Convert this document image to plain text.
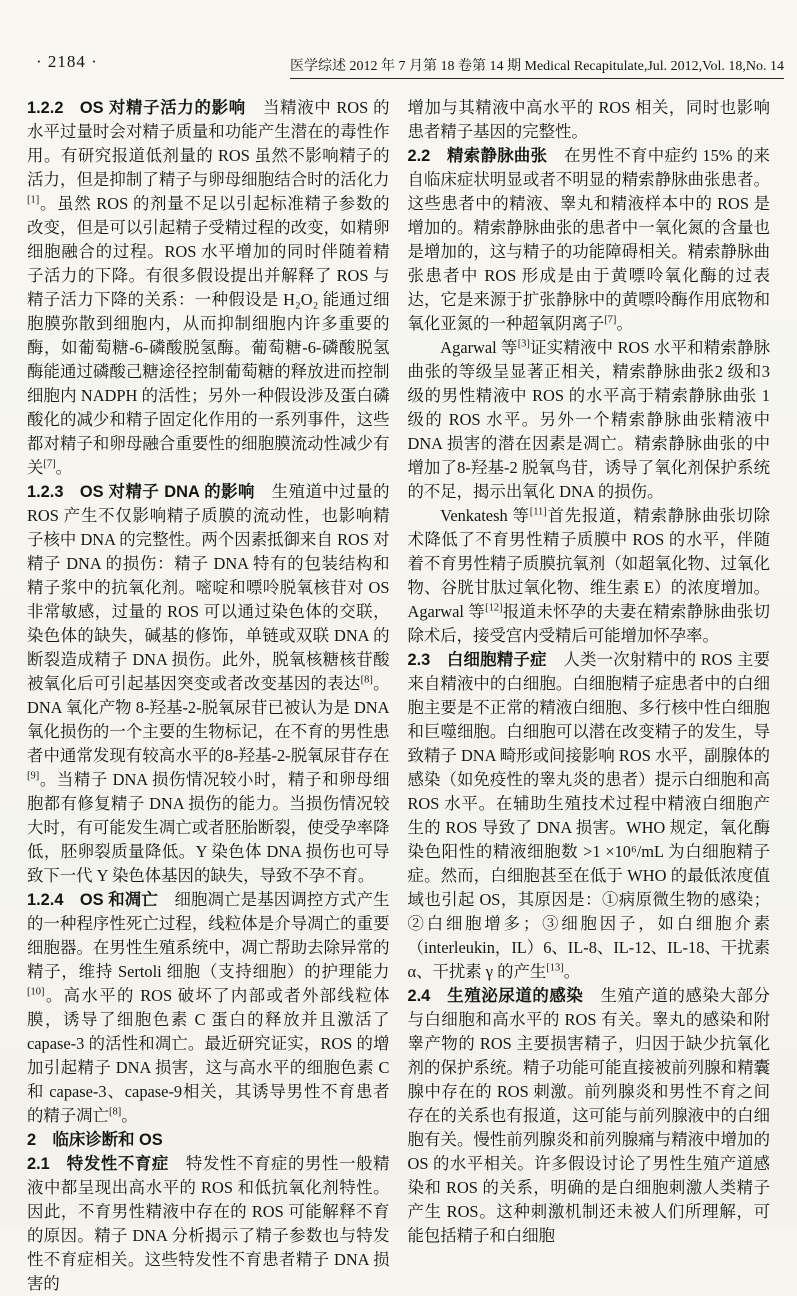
· 2184 ·	医学综述 2012 年 7 月第 18 卷第 14 期 Medical Recapitulate,Jul. 2012,Vol. 18,No. 14

1.2.2  OS 对精子活力的影响  当精液中 ROS 的水平过量时会对精子质量和功能产生潜在的毒性作用。有研究报道低剂量的 ROS 虽然不影响精子的活力，但是抑制了精子与卵母细胞结合时的活化力[1]。虽然 ROS 的剂量不足以引起标准精子参数的改变，但是可以引起精子受精过程的改变，如精卵细胞融合的过程。ROS 水平增加的同时伴随着精子活力的下降。有很多假设提出并解释了 ROS 与精子活力下降的关系：一种假设是 H₂O₂ 能通过细胞膜弥散到细胞内，从而抑制细胞内许多重要的酶，如葡萄糖-6-磷酸脱氢酶。葡萄糖-6-磷酸脱氢酶能通过磷酸己糖途径控制葡萄糖的释放进而控制细胞内 NADPH 的活性；另外一种假设涉及蛋白磷酸化的减少和精子固定化作用的一系列事件，这些都对精子和卵母融合重要性的细胞膜流动性减少有关[7]。

1.2.3  OS 对精子 DNA 的影响  生殖道中过量的 ROS 产生不仅影响精子质膜的流动性，也影响精子核中 DNA 的完整性。两个因素抵御来自 ROS 对精子 DNA 的损伤：精子 DNA 特有的包装结构和精子浆中的抗氧化剂。嘧啶和嘌呤脱氧核苷对 OS 非常敏感，过量的 ROS 可以通过染色体的交联，染色体的缺失，碱基的修饰，单链或双联 DNA 的断裂造成精子 DNA 损伤。此外，脱氧核糖核苷酸被氧化后可引起基因突变或者改变基因的表达[8]。DNA 氧化产物 8-羟基-2-脱氧尿苷已被认为是 DNA 氧化损伤的一个主要的生物标记，在不育的男性患者中通常发现有较高水平的8-羟基-2-脱氧尿苷存在[9]。当精子 DNA 损伤情况较小时，精子和卵母细胞都有修复精子 DNA 损伤的能力。当损伤情况较大时，有可能发生凋亡或者胚胎断裂，使受孕率降低，胚卵裂质量降低。Y 染色体 DNA 损伤也可导致下一代 Y 染色体基因的缺失，导致不孕不育。

1.2.4  OS 和凋亡  细胞凋亡是基因调控方式产生的一种程序性死亡过程，线粒体是介导凋亡的重要细胞器。在男性生殖系统中，凋亡帮助去除异常的精子，维持 Sertoli 细胞（支持细胞）的护理能力[10]。高水平的 ROS 破坏了内部或者外部线粒体膜，诱导了细胞色素 C 蛋白的释放并且激活了 capase-3 的活性和凋亡。最近研究证实，ROS 的增加引起精子 DNA 损害，这与高水平的细胞色素 C 和 capase-3、capase-9相关，其诱导男性不育患者的精子凋亡[8]。

2  临床诊断和 OS

2.1  特发性不育症  特发性不育症的男性一般精液中都呈现出高水平的 ROS 和低抗氧化剂特性。因此，不育男性精液中存在的 ROS 可能解释不育的原因。精子 DNA 分析揭示了精子参数也与特发性不育症相关。这些特发性不育患者精子 DNA 损害的

增加与其精液中高水平的 ROS 相关，同时也影响患者精子基因的完整性。

2.2  精索静脉曲张  在男性不育中症约 15% 的来自临床症状明显或者不明显的精索静脉曲张患者。这些患者中的精液、睾丸和精液样本中的 ROS 是增加的。精索静脉曲张的患者中一氧化氮的含量也是增加的，这与精子的功能障碍相关。精索静脉曲张患者中 ROS 形成是由于黄嘌呤氧化酶的过表达，它是来源于扩张静脉中的黄嘌呤酶作用底物和氧化亚氮的一种超氧阴离子[7]。

Agarwal 等[3]证实精液中 ROS 水平和精索静脉曲张的等级呈显著正相关，精索静脉曲张2 级和3 级的男性精液中 ROS 的水平高于精索静脉曲张 1 级的 ROS 水平。另外一个精索静脉曲张精液中 DNA 损害的潜在因素是凋亡。精索静脉曲张的中增加了8-羟基-2 脱氧鸟苷，诱导了氧化剂保护系统的不足，揭示出氧化 DNA 的损伤。

Venkatesh 等[11]首先报道，精索静脉曲张切除术降低了不育男性精子质膜中 ROS 的水平，伴随着不育男性精子质膜抗氧剂（如超氧化物、过氧化物、谷胱甘肽过氧化物、维生素 E）的浓度增加。Agarwal 等[12]报道未怀孕的夫妻在精索静脉曲张切除术后，接受宫内受精后可能增加怀孕率。

2.3  白细胞精子症  人类一次射精中的 ROS 主要来自精液中的白细胞。白细胞精子症患者中的白细胞主要是不正常的精液白细胞、多行核中性白细胞和巨噬细胞。白细胞可以潜在改变精子的发生，导致精子 DNA 畸形或间接影响 ROS 水平，副腺体的感染（如免疫性的睾丸炎的患者）提示白细胞和高 ROS 水平。在辅助生殖技术过程中精液白细胞产生的 ROS 导致了 DNA 损害。WHO 规定，氧化酶染色阳性的精液细胞数 >1 ×10⁶/mL 为白细胞精子症。然而，白细胞甚至在低于 WHO 的最低浓度值域也引起 OS，其原因是：①病原微生物的感染；②白细胞增多；③细胞因子，如白细胞介素（interleukin，IL）6、IL-8、IL-12、IL-18、干扰素 α、干扰素 γ 的产生[13]。

2.4  生殖泌尿道的感染  生殖产道的感染大部分与白细胞和高水平的 ROS 有关。睾丸的感染和附睾产物的 ROS 主要损害精子，归因于缺少抗氧化剂的保护系统。精子功能可能直接被前列腺和精囊腺中存在的 ROS 刺激。前列腺炎和男性不育之间存在的关系也有报道，这可能与前列腺液中的白细胞有关。慢性前列腺炎和前列腺痛与精液中增加的 OS 的水平相关。许多假设讨论了男性生殖产道感染和 ROS 的关系，明确的是白细胞刺激人类精子产生 ROS。这种刺激机制还未被人们所理解，可能包括精子和白细胞
